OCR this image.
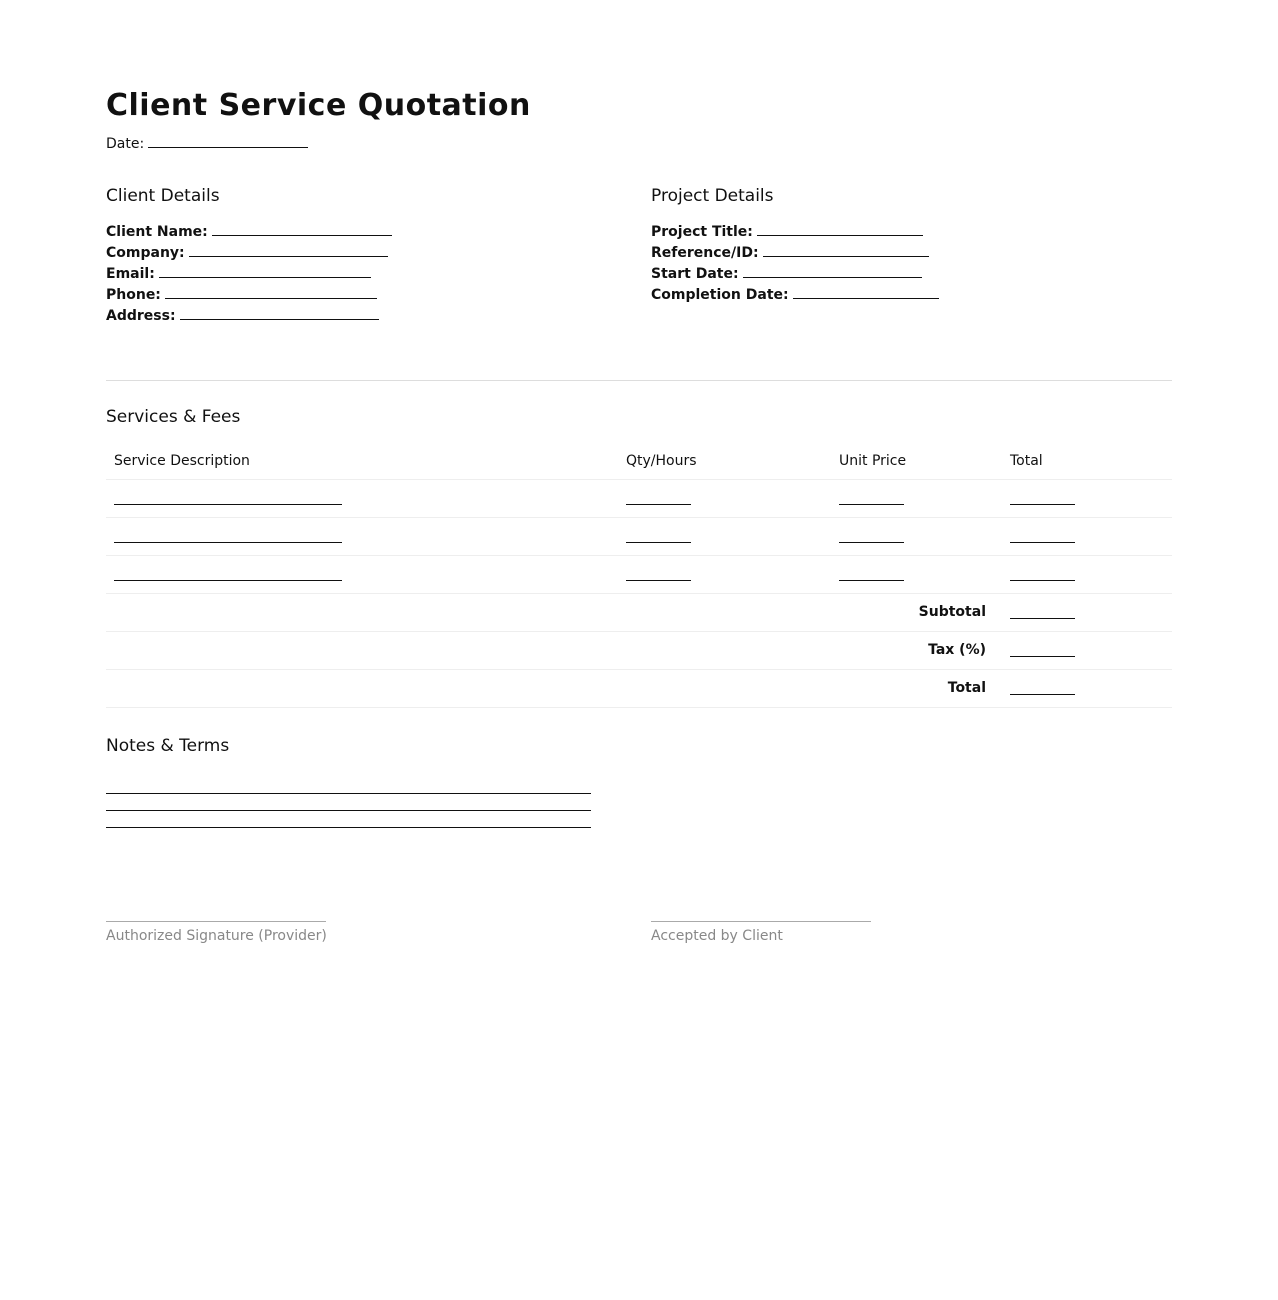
Client Service Quotation
Date:
Client Details
Client Name:
Company:
Email:
Phone:
Address:
Project Details
Project Title:
Reference/ID:
Start Date:
Completion Date:
Services & Fees
Service Description	Qty/Hours	Unit Price	Total

Subtotal			
Tax (%)			
Total			
Notes & Terms
Authorized Signature (Provider)	Accepted by Client
